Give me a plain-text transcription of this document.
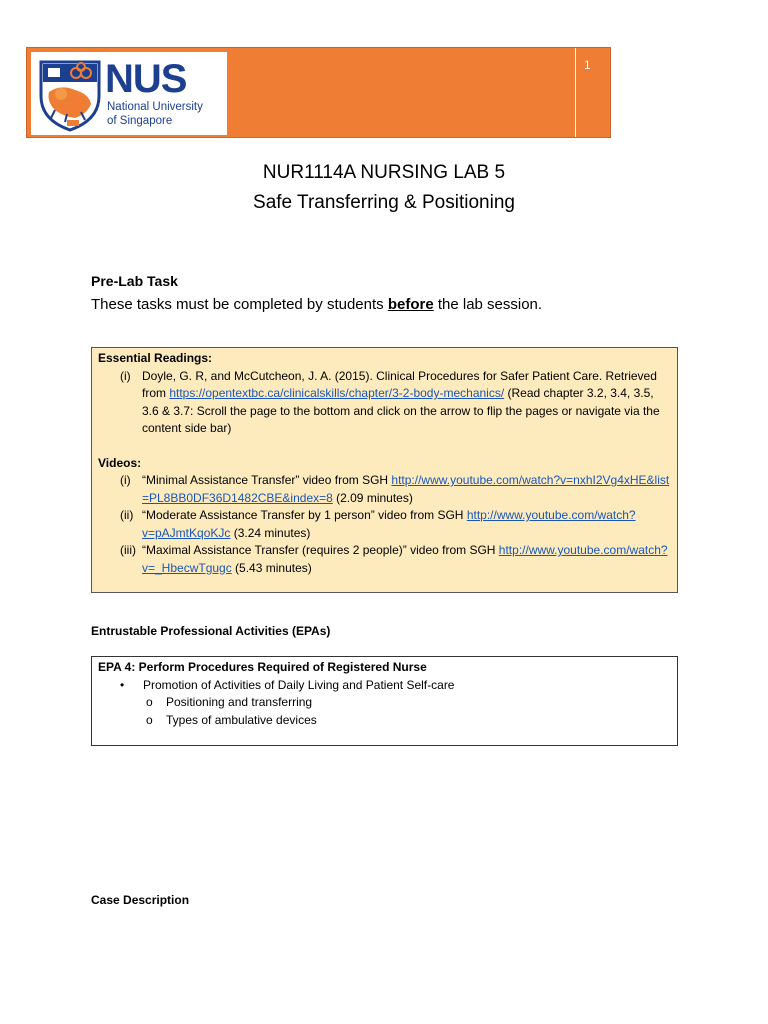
NUS
National University
of Singapore
1
NUR1114A NURSING LAB 5
Safe Transferring & Positioning
Pre-Lab Task
These tasks must be completed by students before the lab session.
Essential Readings:
(i) Doyle, G. R, and McCutcheon, J. A. (2015). Clinical Procedures for Safer Patient Care. Retrieved from https://opentextbc.ca/clinicalskills/chapter/3-2-body-mechanics/ (Read chapter 3.2, 3.4, 3.5, 3.6 & 3.7: Scroll the page to the bottom and click on the arrow to flip the pages or navigate via the content side bar)
Videos:
(i) “Minimal Assistance Transfer” video from SGH http://www.youtube.com/watch?v=nxhI2Vg4xHE&list=PL8BB0DF36D1482CBE&index=8 (2.09 minutes)
(ii) “Moderate Assistance Transfer by 1 person” video from SGH http://www.youtube.com/watch?v=pAJmtKqoKJc (3.24 minutes)
(iii) “Maximal Assistance Transfer (requires 2 people)” video from SGH http://www.youtube.com/watch?v=_HbecwTgugc (5.43 minutes)
Entrustable Professional Activities (EPAs)
EPA 4: Perform Procedures Required of Registered Nurse
• Promotion of Activities of Daily Living and Patient Self-care
o Positioning and transferring
o Types of ambulative devices
Case Description
